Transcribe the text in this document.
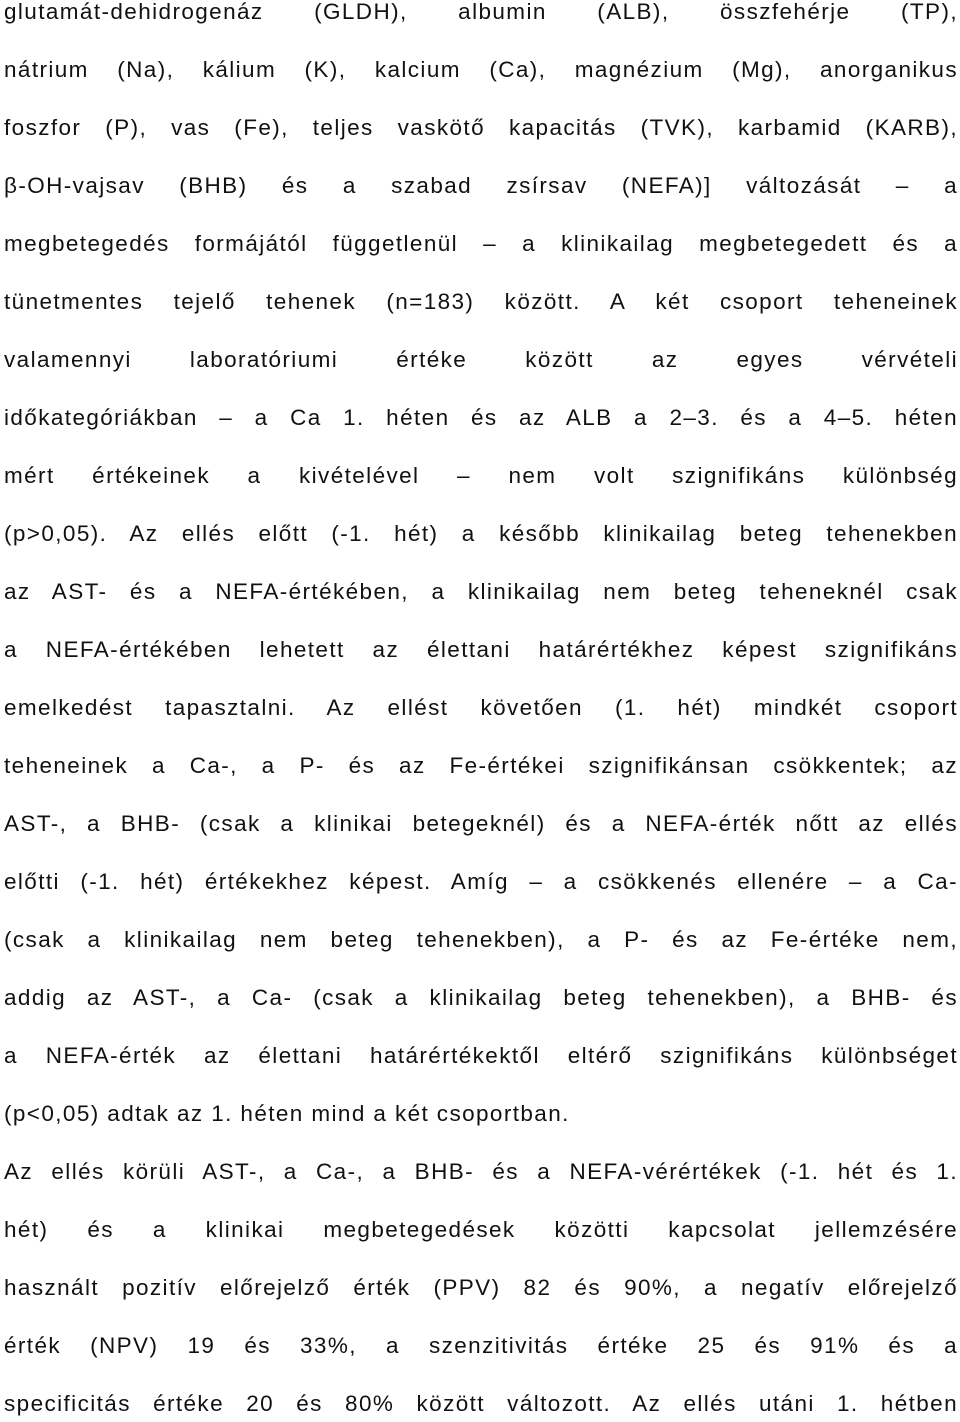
glutamát-dehidrogenáz (GLDH), albumin (ALB), összfehérje (TP),
nátrium (Na), kálium (K), kalcium (Ca), magnézium (Mg), anorganikus
foszfor (P), vas (Fe), teljes vaskötő kapacitás (TVK), karbamid (KARB),
β-OH-vajsav (BHB) és a szabad zsírsav (NEFA)] változását – a
megbetegedés formájától függetlenül – a klinikailag megbetegedett és a
tünetmentes tejelő tehenek (n=183) között. A két csoport teheneinek
valamennyi laboratóriumi értéke között az egyes vérvételi
időkategóriákban – a Ca 1. héten és az ALB a 2–3. és a 4–5. héten
mért értékeinek a kivételével – nem volt szignifikáns különbség
(p>0,05). Az ellés előtt (-1. hét) a később klinikailag beteg tehenekben
az AST- és a NEFA-értékében, a klinikailag nem beteg teheneknél csak
a NEFA-értékében lehetett az élettani határértékhez képest szignifikáns
emelkedést tapasztalni. Az ellést követően (1. hét) mindkét csoport
teheneinek a Ca-, a P- és az Fe-értékei szignifikánsan csökkentek; az
AST-, a BHB- (csak a klinikai betegeknél) és a NEFA-érték nőtt az ellés
előtti (-1. hét) értékekhez képest. Amíg – a csökkenés ellenére – a Ca-
(csak a klinikailag nem beteg tehenekben), a P- és az Fe-értéke nem,
addig az AST-, a Ca- (csak a klinikailag beteg tehenekben), a BHB- és
a NEFA-érték az élettani határértékektől eltérő szignifikáns különbséget
(p<0,05) adtak az 1. héten mind a két csoportban.
Az ellés körüli AST-, a Ca-, a BHB- és a NEFA-vérértékek (-1. hét és 1.
hét) és a klinikai megbetegedések közötti kapcsolat jellemzésére
használt pozitív előrejelző érték (PPV) 82 és 90%, a negatív előrejelző
érték (NPV) 19 és 33%, a szenzitivitás értéke 25 és 91% és a
specificitás értéke 20 és 80% között változott. Az ellés utáni 1. hétben
